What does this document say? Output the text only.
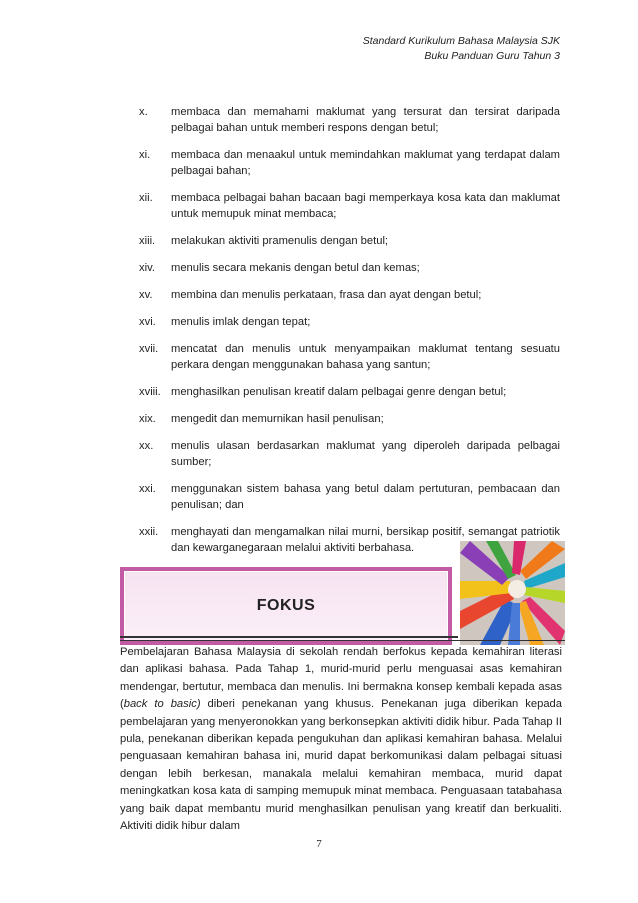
Standard Kurikulum Bahasa Malaysia SJK
Buku Panduan Guru Tahun 3
x.	membaca dan memahami maklumat yang tersurat dan tersirat daripada pelbagai bahan untuk memberi respons dengan betul;
xi.	membaca dan menaakul untuk memindahkan maklumat yang terdapat dalam pelbagai bahan;
xii.	membaca pelbagai bahan bacaan bagi memperkaya kosa kata dan maklumat untuk memupuk minat membaca;
xiii.	melakukan aktiviti pramenulis dengan betul;
xiv.	menulis secara mekanis dengan betul dan kemas;
xv.	membina dan menulis perkataan, frasa dan ayat dengan betul;
xvi.	menulis imlak dengan tepat;
xvii.	mencatat dan menulis untuk menyampaikan maklumat tentang sesuatu perkara dengan menggunakan bahasa yang santun;
xviii. menghasilkan penulisan kreatif dalam pelbagai genre dengan betul;
xix.	mengedit dan memurnikan hasil penulisan;
xx.	menulis ulasan berdasarkan maklumat yang diperoleh daripada pelbagai sumber;
xxi.	menggunakan sistem bahasa yang betul dalam pertuturan, pembacaan dan penulisan; dan
xxii.	menghayati dan mengamalkan nilai murni, bersikap positif, semangat patriotik dan kewarganegaraan melalui aktiviti berbahasa.
FOKUS

Pembelajaran Bahasa Malaysia di sekolah rendah berfokus kepada kemahiran literasi dan aplikasi bahasa. Pada Tahap 1, murid-murid perlu menguasai asas kemahiran mendengar, bertutur, membaca dan menulis. Ini bermakna konsep kembali kepada asas (back to basic) diberi penekanan yang khusus. Penekanan juga diberikan kepada pembelajaran yang menyeronokkan yang berkonsepkan aktiviti didik hibur. Pada Tahap II pula, penekanan diberikan kepada pengukuhan dan aplikasi kemahiran bahasa. Melalui penguasaan kemahiran bahasa ini, murid dapat berkomunikasi dalam pelbagai situasi dengan lebih berkesan, manakala melalui kemahiran membaca, murid dapat meningkatkan kosa kata di samping memupuk minat membaca. Penguasaan tatabahasa yang baik dapat membantu murid menghasilkan penulisan yang kreatif dan berkualiti. Aktiviti didik hibur dalam

7
